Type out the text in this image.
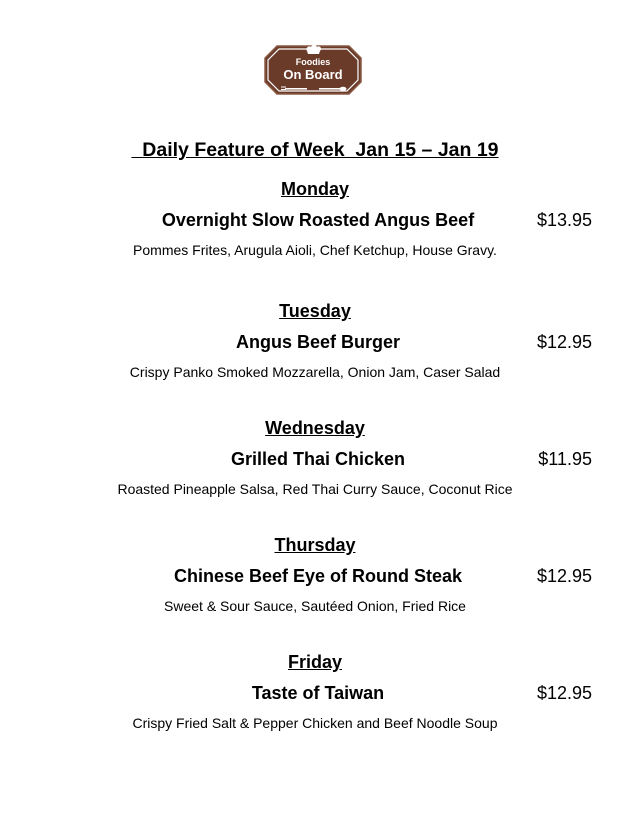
Foodies
On Board

Daily Feature of Week  Jan 15 – Jan 19

Monday
Overnight Slow Roasted Angus Beef	$13.95
Pommes Frites, Arugula Aioli, Chef Ketchup, House Gravy.
Tuesday
Angus Beef Burger	$12.95
Crispy Panko Smoked Mozzarella, Onion Jam, Caser Salad
Wednesday
Grilled Thai Chicken	$11.95
Roasted Pineapple Salsa, Red Thai Curry Sauce, Coconut Rice
Thursday
Chinese Beef Eye of Round Steak	$12.95
Sweet & Sour Sauce, Sautéed Onion, Fried Rice
Friday
Taste of Taiwan	$12.95
Crispy Fried Salt & Pepper Chicken and Beef Noodle Soup
